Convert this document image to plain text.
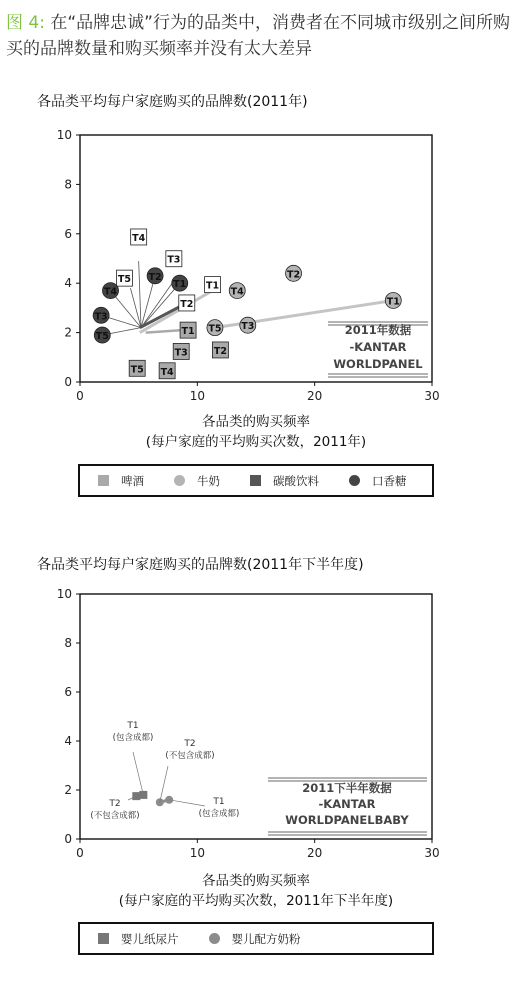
图 4: 在“品牌忠诚”行为的品类中，消费者在不同城市级别之间所购买的品牌数量和购买频率并没有太大差异
各品类平均每户家庭购买的品牌数(2011年)
各品类平均每户家庭购买的品牌数(2011年下半年度)
0
2
4
6
8
10
0	10	20	30
2011年数据
-KANTAR
WORLDPANEL
T1
T2
T3
T4
T5
T1
T2
T3
T4
T5
T1
T2
T3
T4
T5	T1
T2
T3
T4
T5
0
2
4
6
8
10
0	10	20	30
2011下半年数据
-KANTAR
WORLDPANELBABY
T1
(包含成都)
T2
(不包含成都)
T2
(不包含成都)
T1
(包含成都)
各品类的购买频率
(每户家庭的平均购买次数，2011年)
各品类的购买频率
(每户家庭的平均购买次数，2011年下半年度)
啤酒	牛奶	碳酸饮料	口香糖
婴儿纸尿片	婴儿配方奶粉
